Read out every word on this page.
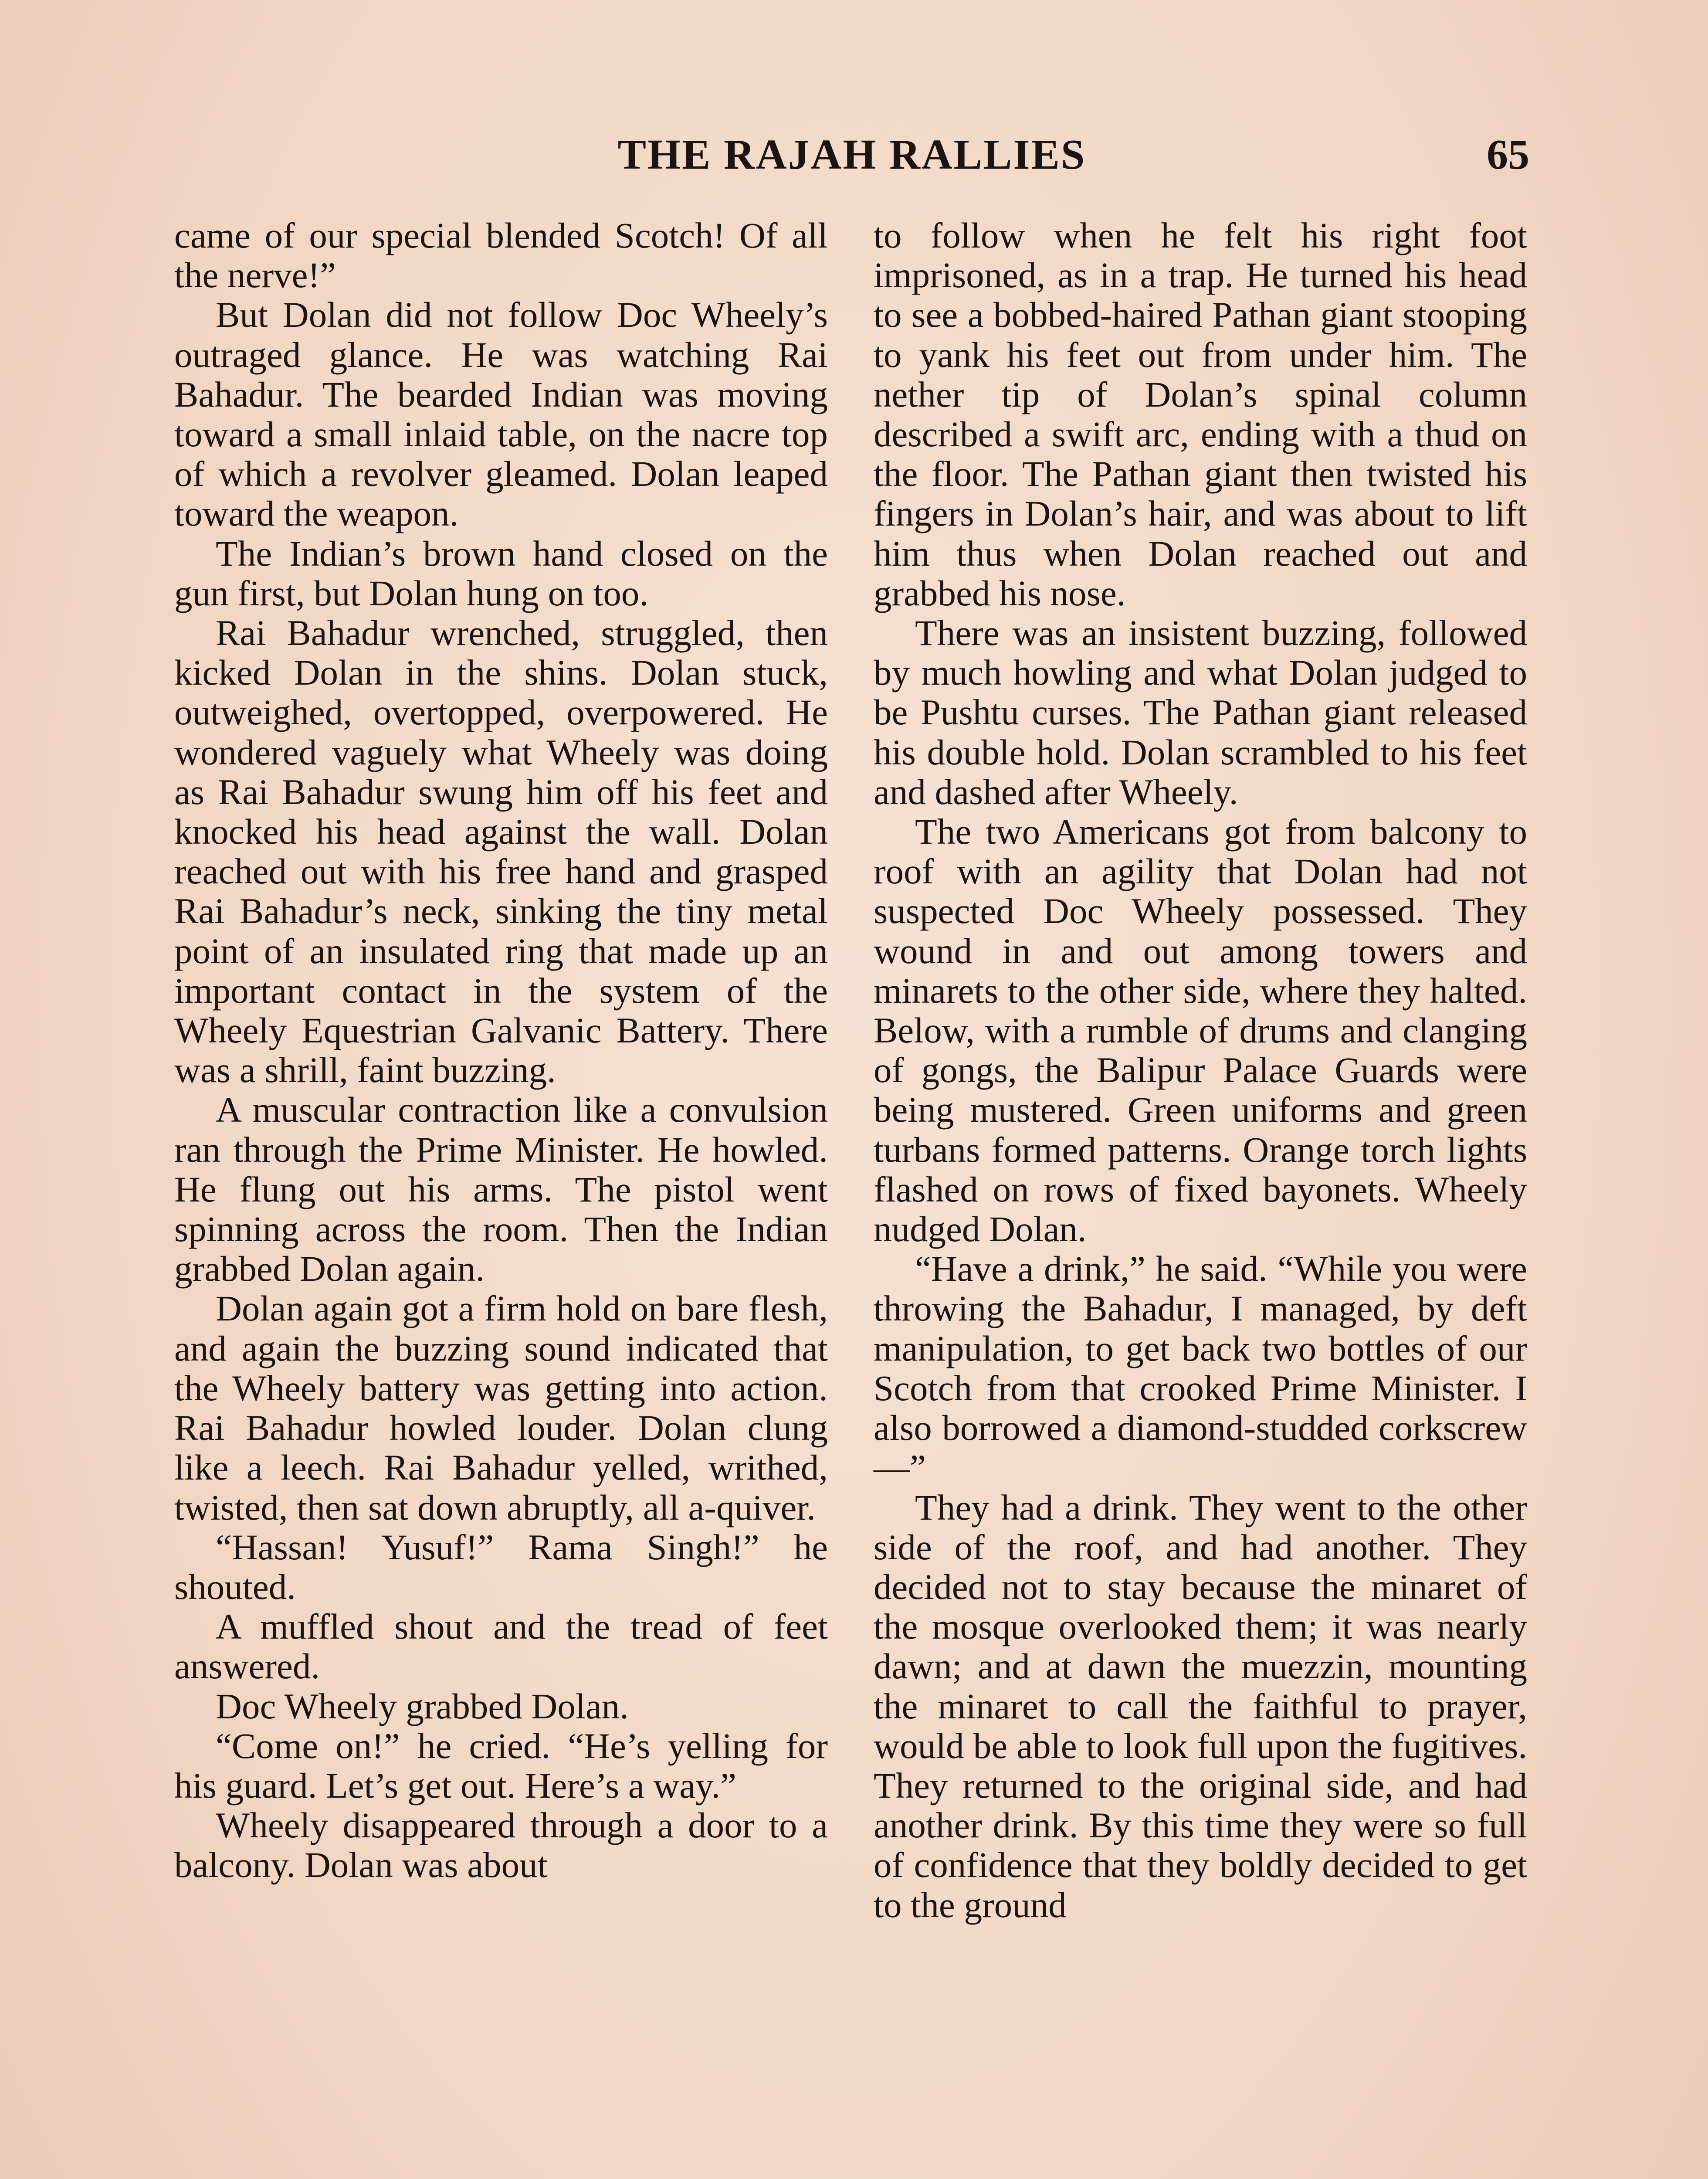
THE RAJAH RALLIES	65

came of our special blended Scotch! Of all the nerve!”

But Dolan did not follow Doc Wheely’s outraged glance. He was watching Rai Bahadur. The bearded Indian was moving toward a small inlaid table, on the nacre top of which a revolver gleamed. Dolan leaped toward the weapon.

The Indian’s brown hand closed on the gun first, but Dolan hung on too.

Rai Bahadur wrenched, struggled, then kicked Dolan in the shins. Dolan stuck, outweighed, overtopped, overpowered. He wondered vaguely what Wheely was doing as Rai Bahadur swung him off his feet and knocked his head against the wall. Dolan reached out with his free hand and grasped Rai Bahadur’s neck, sinking the tiny metal point of an insulated ring that made up an important contact in the system of the Wheely Equestrian Galvanic Battery. There was a shrill, faint buzzing.

A muscular contraction like a convulsion ran through the Prime Minister. He howled. He flung out his arms. The pistol went spinning across the room. Then the Indian grabbed Dolan again.

Dolan again got a firm hold on bare flesh, and again the buzzing sound indicated that the Wheely battery was getting into action. Rai Bahadur howled louder. Dolan clung like a leech. Rai Bahadur yelled, writhed, twisted, then sat down abruptly, all a-quiver.

“Hassan! Yusuf!” Rama Singh!” he shouted.

A muffled shout and the tread of feet answered.

Doc Wheely grabbed Dolan.

“Come on!” he cried. “He’s yelling for his guard. Let’s get out. Here’s a way.”

Wheely disappeared through a door to a balcony. Dolan was about

to follow when he felt his right foot imprisoned, as in a trap. He turned his head to see a bobbed-haired Pathan giant stooping to yank his feet out from under him. The nether tip of Dolan’s spinal column described a swift arc, ending with a thud on the floor. The Pathan giant then twisted his fingers in Dolan’s hair, and was about to lift him thus when Dolan reached out and grabbed his nose.

There was an insistent buzzing, followed by much howling and what Dolan judged to be Pushtu curses. The Pathan giant released his double hold. Dolan scrambled to his feet and dashed after Wheely.

The two Americans got from balcony to roof with an agility that Dolan had not suspected Doc Wheely possessed. They wound in and out among towers and minarets to the other side, where they halted. Below, with a rumble of drums and clanging of gongs, the Balipur Palace Guards were being mustered. Green uniforms and green turbans formed patterns. Orange torch lights flashed on rows of fixed bayonets. Wheely nudged Dolan.

“Have a drink,” he said. “While you were throwing the Bahadur, I managed, by deft manipulation, to get back two bottles of our Scotch from that crooked Prime Minister. I also borrowed a diamond-studded corkscrew—”

They had a drink. They went to the other side of the roof, and had another. They decided not to stay because the minaret of the mosque overlooked them; it was nearly dawn; and at dawn the muezzin, mounting the minaret to call the faithful to prayer, would be able to look full upon the fugitives. They returned to the original side, and had another drink. By this time they were so full of confidence that they boldly decided to get to the ground
